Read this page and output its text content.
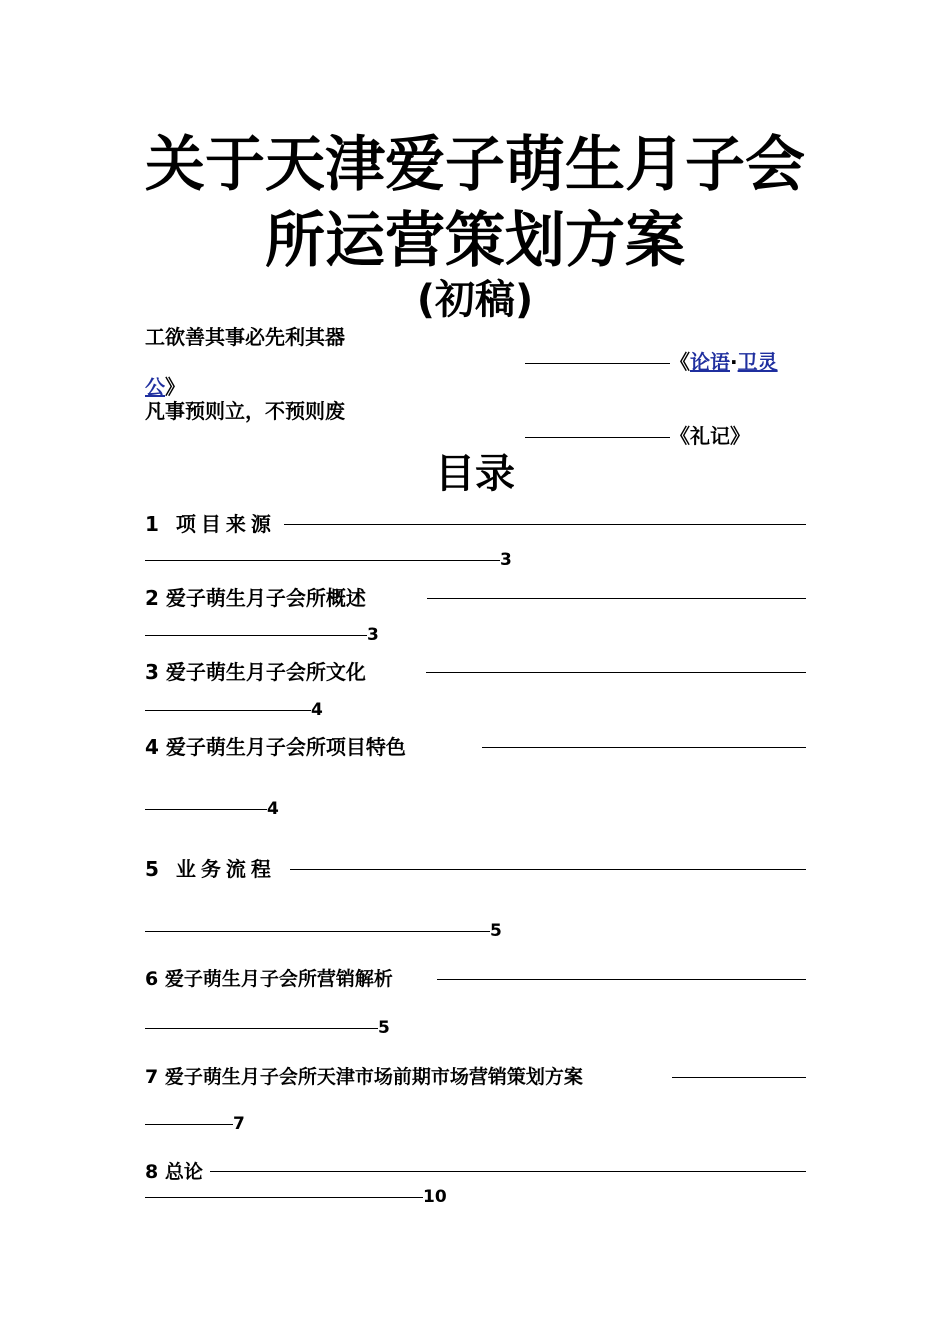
关于天津爱子萌生月子会
所运营策划方案
(初稿)
工欲善其事必先利其器
《论语·卫灵
公》
凡事预则立，不预则废
《礼记》
目录
1 项目来源
3
2 爱子萌生月子会所概述
3
3 爱子萌生月子会所文化
4
4 爱子萌生月子会所项目特色
4
5 业务流程
5
6 爱子萌生月子会所营销解析
5
7 爱子萌生月子会所天津市场前期市场营销策划方案
7
8 总论
10
